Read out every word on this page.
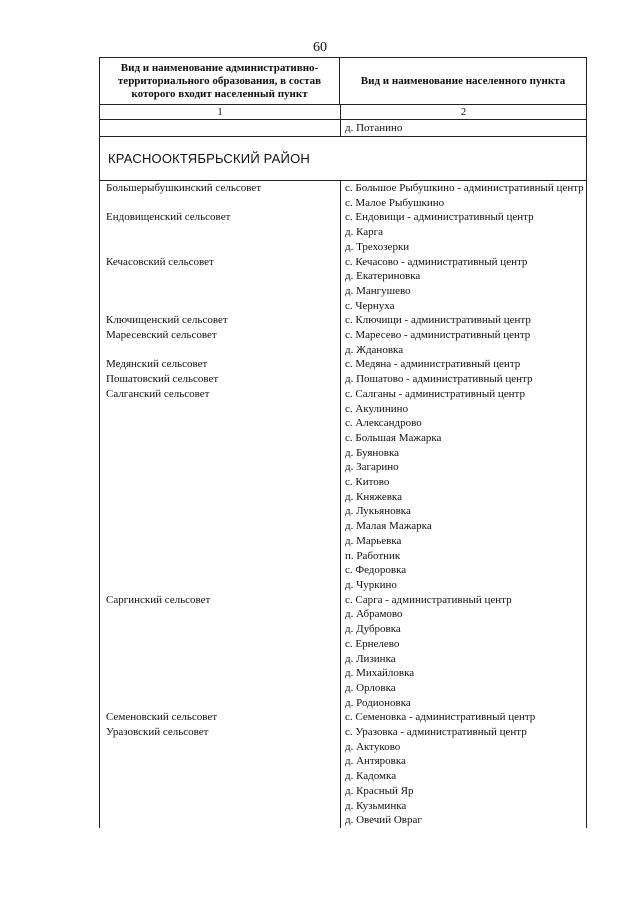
60
Вид и наименование административно-территориального образования, в состав которого входит населенный пункт
Вид и наименование населенного пункта
1	2
д. Потанино
КРАСНООКТЯБРЬСКИЙ РАЙОН
Большерыбушкинский сельсовет	с. Большое Рыбушкино - административный центр
с. Малое Рыбушкино
Ендовищенский сельсовет	с. Ендовищи - административный центр
д. Карга
д. Трехозерки
Кечасовский сельсовет	с. Кечасово - административный центр
д. Екатериновка
д. Мангушево
с. Чернуха
Ключищенский сельсовет	с. Ключищи - административный центр
Маресевский сельсовет	с. Маресево - административный центр
д. Ждановка
Медянский сельсовет	с. Медяна - административный центр
Пошатовский сельсовет	д. Пошатово - административный центр
Салганский сельсовет	с. Салганы - административный центр
с. Акулинино
с. Александрово
с. Большая Мажарка
д. Буяновка
д. Загарино
с. Китово
д. Княжевка
д. Лукьяновка
д. Малая Мажарка
д. Марьевка
п. Работник
с. Федоровка
д. Чуркино
Саргинский сельсовет	с. Сарга - административный центр
д. Абрамово
д. Дубровка
с. Ернелево
д. Лизинка
д. Михайловка
д. Орловка
д. Родионовка
Семеновский сельсовет	с. Семеновка - административный центр
Уразовский сельсовет	с. Уразовка - административный центр
д. Актуково
д. Антяровка
д. Кадомка
д. Красный Яр
д. Кузьминка
д. Овечий Овраг
